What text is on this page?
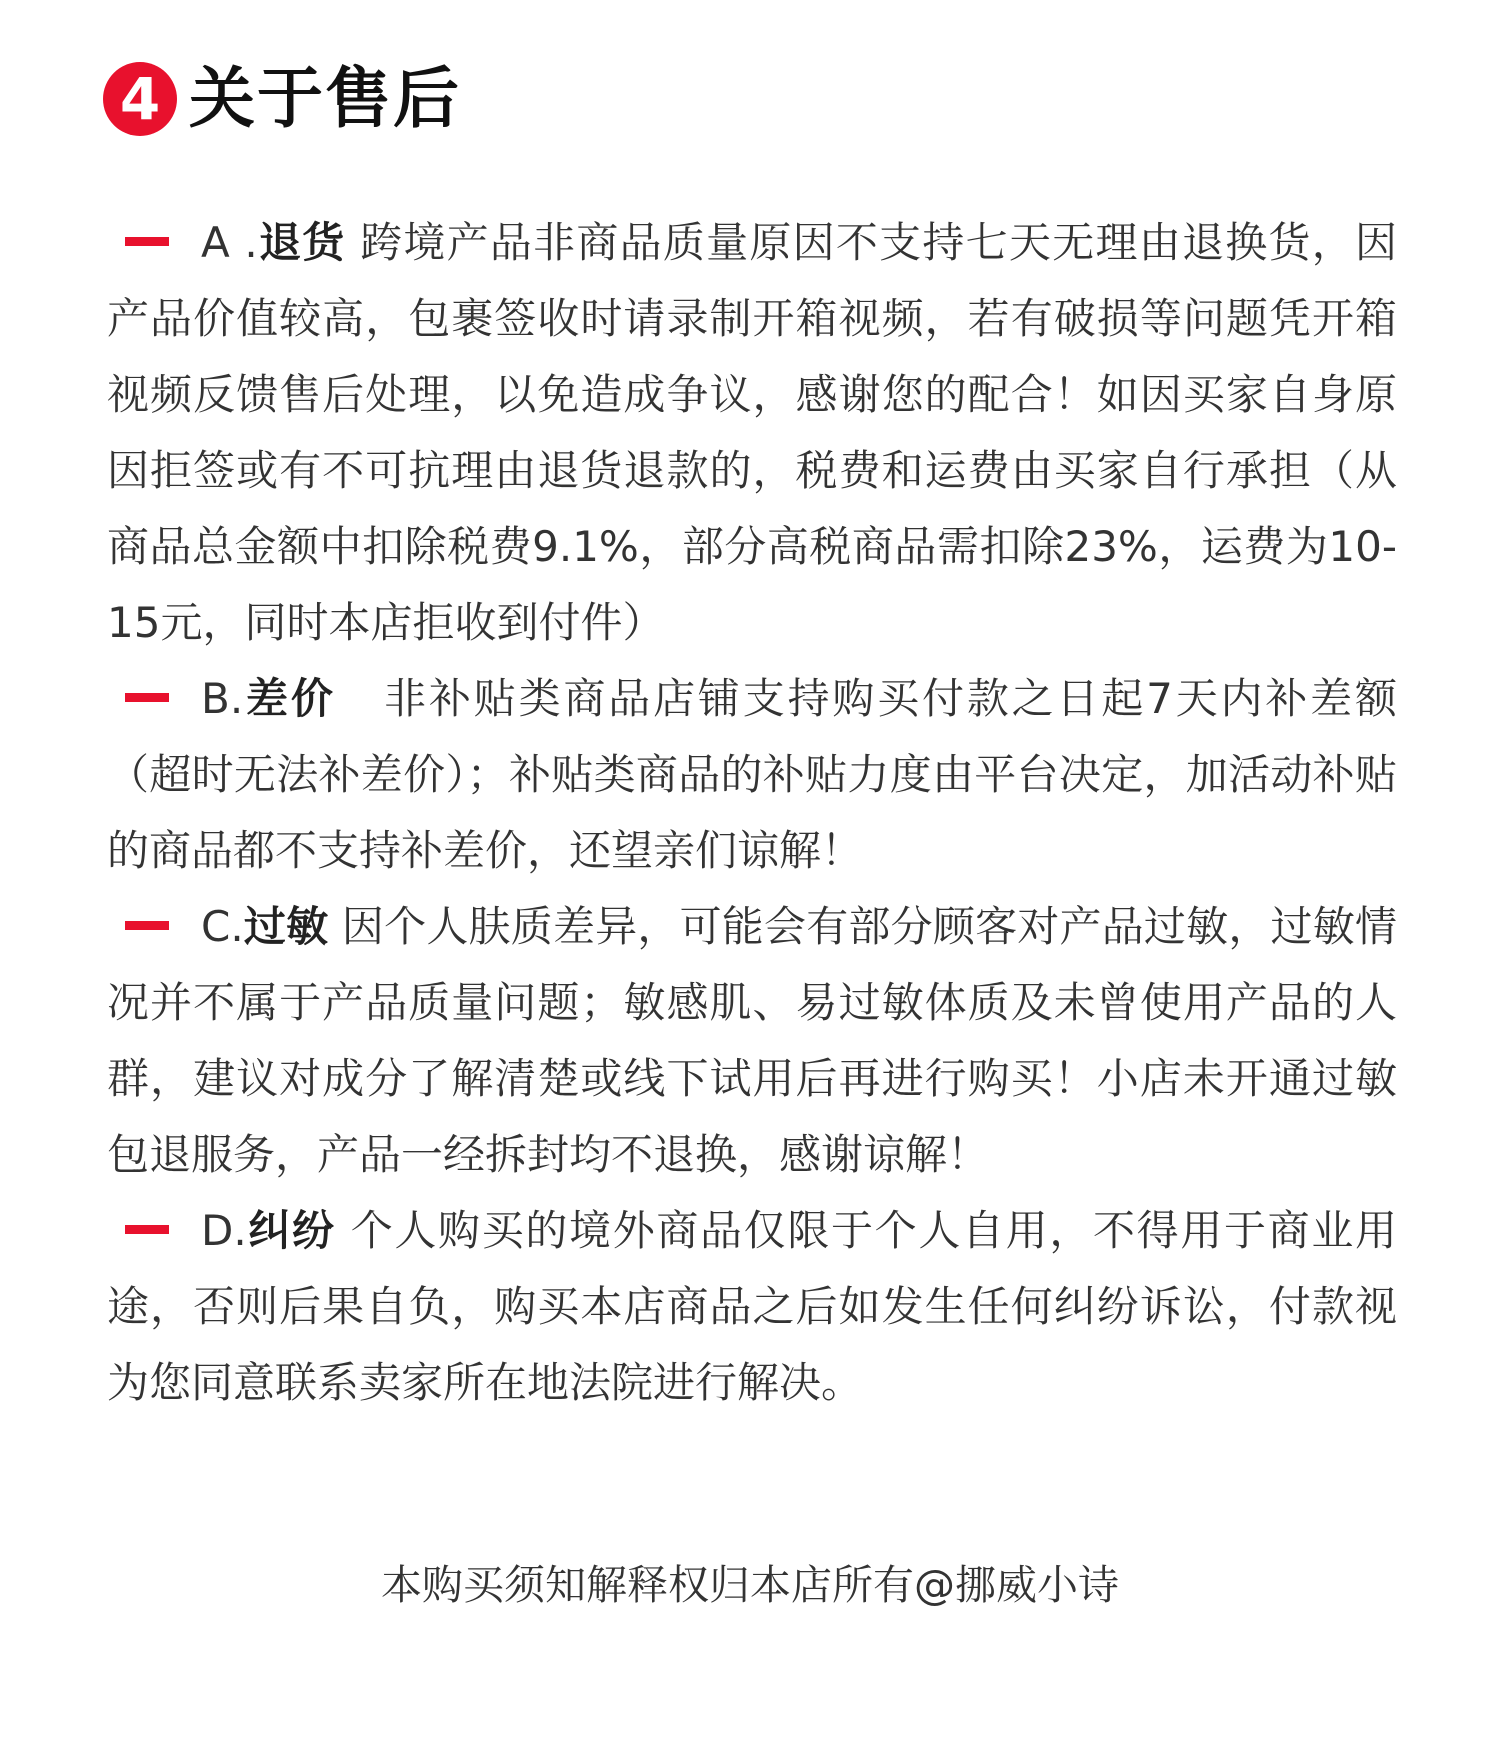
4 关于售后
A .退货 跨境产品非商品质量原因不支持七天无理由退换货，因产品价值较高，包裹签收时请录制开箱视频，若有破损等问题凭开箱视频反馈售后处理，以免造成争议，感谢您的配合！如因买家自身原因拒签或有不可抗理由退货退款的，税费和运费由买家自行承担（从商品总金额中扣除税费9.1%，部分高税商品需扣除23%，运费为10-15元，同时本店拒收到付件）
B.差价   非补贴类商品店铺支持购买付款之日起7天内补差额（超时无法补差价）；补贴类商品的补贴力度由平台决定，加活动补贴的商品都不支持补差价，还望亲们谅解！
C.过敏 因个人肤质差异，可能会有部分顾客对产品过敏，过敏情况并不属于产品质量问题；敏感肌、易过敏体质及未曾使用产品的人群，建议对成分了解清楚或线下试用后再进行购买！小店未开通过敏包退服务，产品一经拆封均不退换，感谢谅解！
D.纠纷 个人购买的境外商品仅限于个人自用，不得用于商业用途，否则后果自负，购买本店商品之后如发生任何纠纷诉讼，付款视为您同意联系卖家所在地法院进行解决。
本购买须知解释权归本店所有@挪威小诗
